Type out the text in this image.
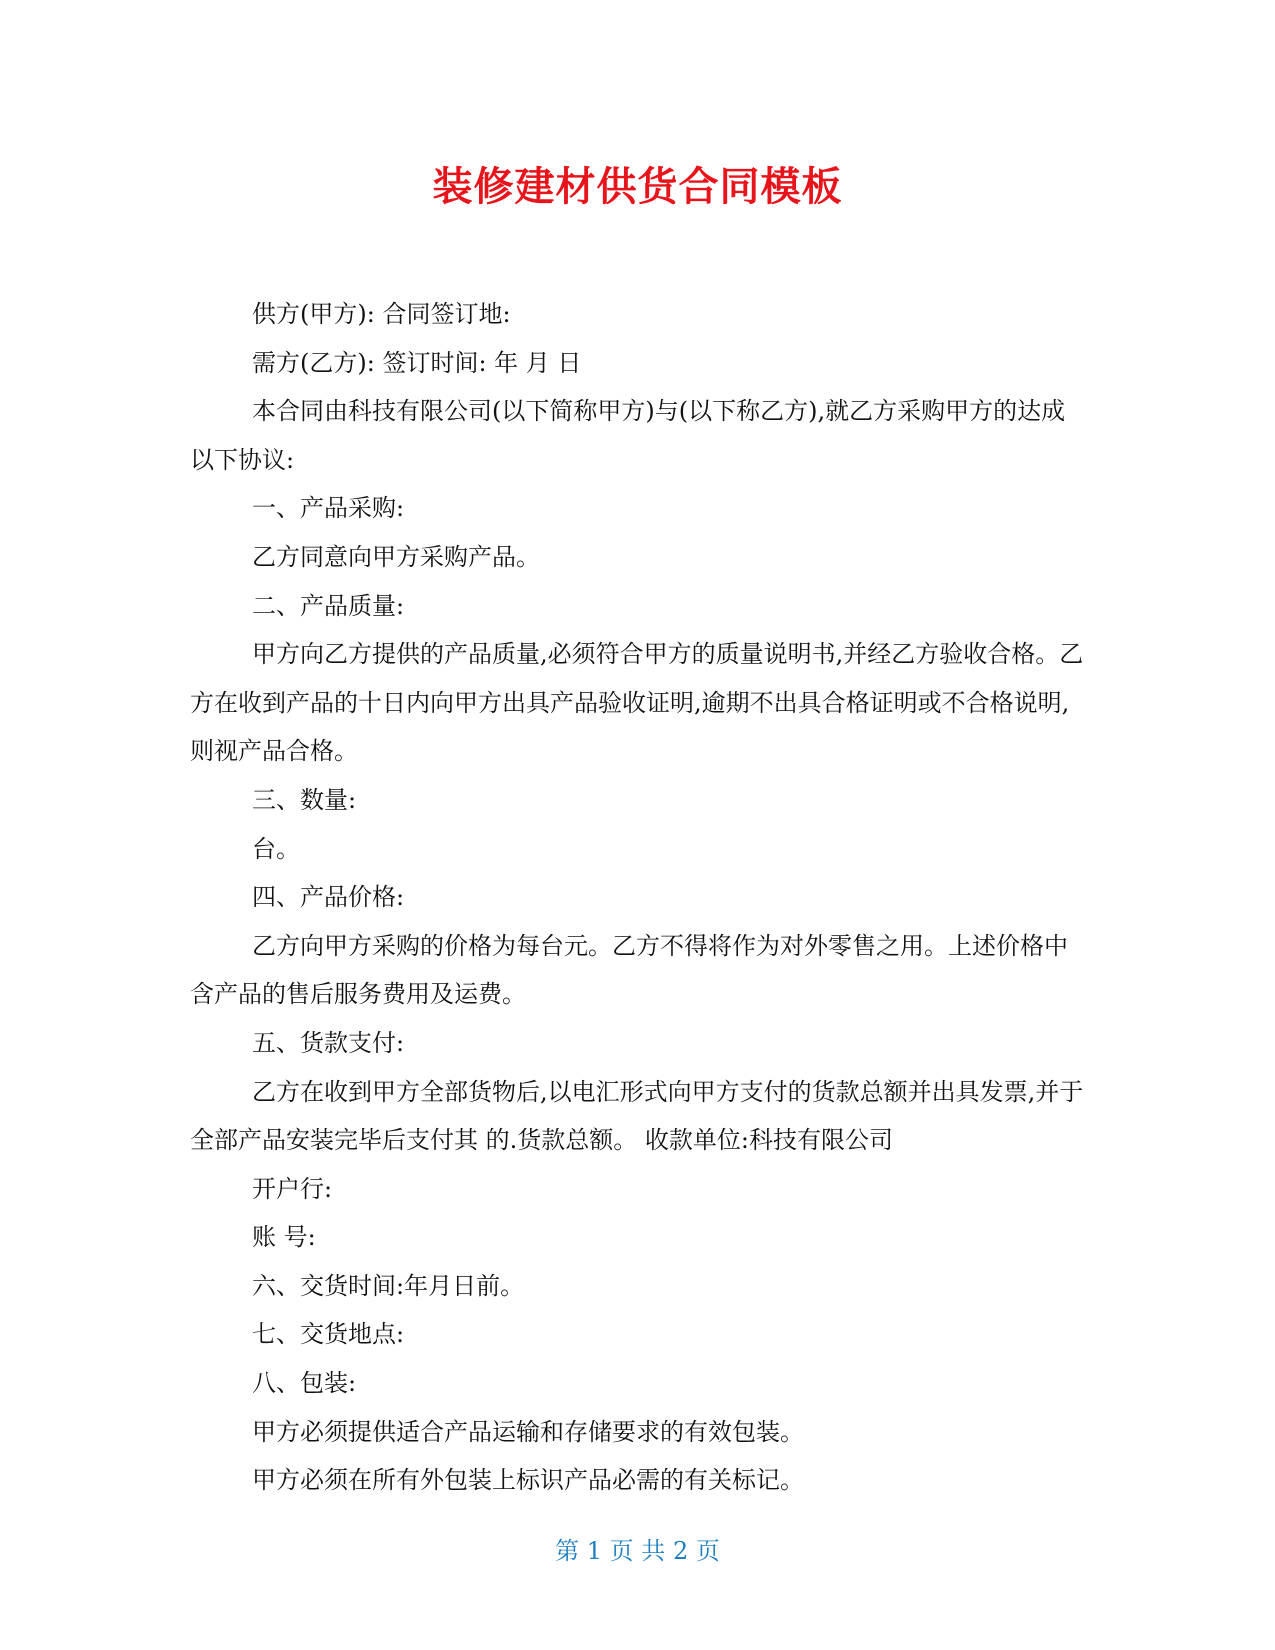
装修建材供货合同模板

供方(甲方): 合同签订地:

需方(乙方): 签订时间: 年 月 日

本合同由科技有限公司(以下简称甲方)与(以下称乙方),就乙方采购甲方的达成以下协议:

一、产品采购:

乙方同意向甲方采购产品。

二、产品质量:

甲方向乙方提供的产品质量,必须符合甲方的质量说明书,并经乙方验收合格。乙方在收到产品的十日内向甲方出具产品验收证明,逾期不出具合格证明或不合格说明,则视产品合格。

三、数量:

台。

四、产品价格:

乙方向甲方采购的价格为每台元。乙方不得将作为对外零售之用。上述价格中含产品的售后服务费用及运费。

五、货款支付:

乙方在收到甲方全部货物后,以电汇形式向甲方支付的货款总额并出具发票,并于全部产品安装完毕后支付其 的.货款总额。 收款单位:科技有限公司

开户行:

账 号:

六、交货时间:年月日前。

七、交货地点:

八、包装:

甲方必须提供适合产品运输和存储要求的有效包装。

甲方必须在所有外包装上标识产品必需的有关标记。

第 1 页 共 2 页
